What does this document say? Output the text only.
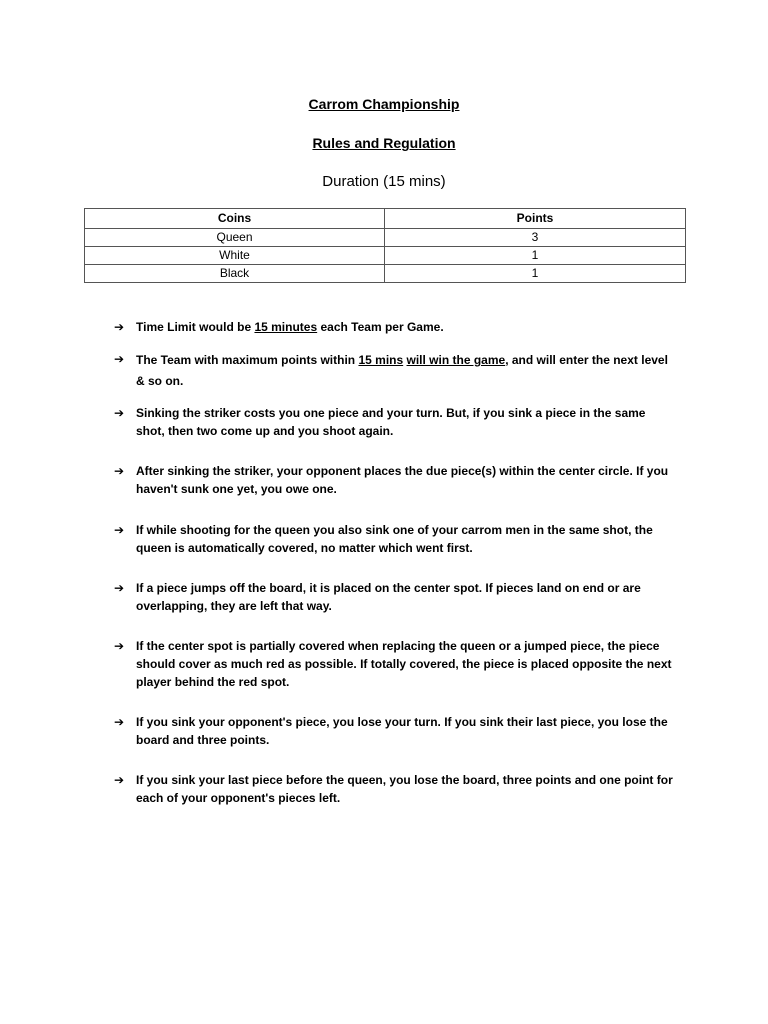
Carrom Championship
Rules and Regulation
Duration (15 mins)
Coins	Points
Queen	3
White	1
Black	1
➔ Time Limit would be 15 minutes each Team per Game.
➔ The Team with maximum points within 15 mins will win the game, and will enter the next level & so on.
➔ Sinking the striker costs you one piece and your turn. But, if you sink a piece in the same shot, then two come up and you shoot again.
➔ After sinking the striker, your opponent places the due piece(s) within the center circle. If you haven't sunk one yet, you owe one.
➔ If while shooting for the queen you also sink one of your carrom men in the same shot, the queen is automatically covered, no matter which went first.
➔ If a piece jumps off the board, it is placed on the center spot. If pieces land on end or are overlapping, they are left that way.
➔ If the center spot is partially covered when replacing the queen or a jumped piece, the piece should cover as much red as possible. If totally covered, the piece is placed opposite the next player behind the red spot.
➔ If you sink your opponent's piece, you lose your turn. If you sink their last piece, you lose the board and three points.
➔ If you sink your last piece before the queen, you lose the board, three points and one point for each of your opponent's pieces left.
